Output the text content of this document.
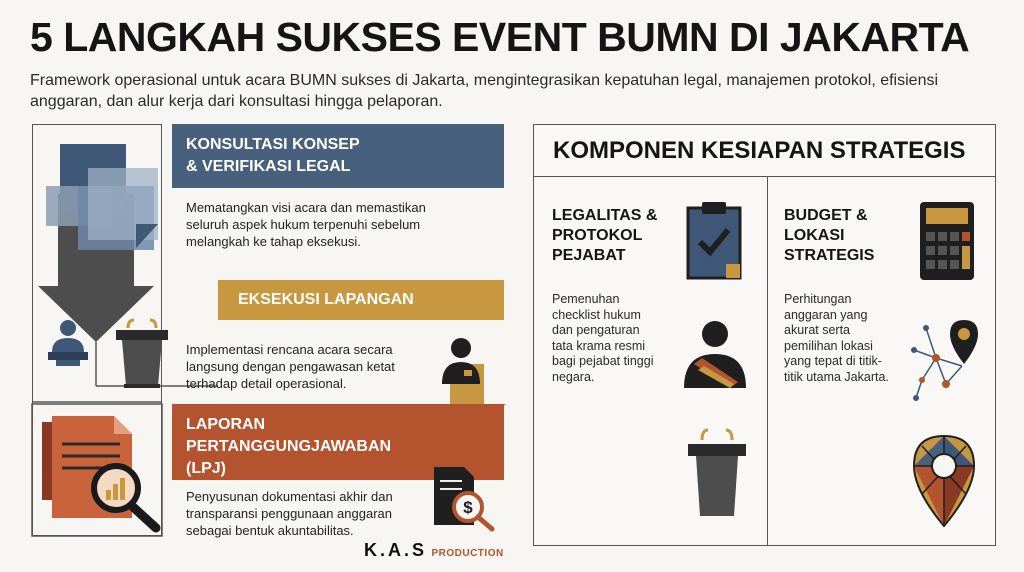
5 LANGKAH SUKSES EVENT BUMN DI JAKARTA
Framework operasional untuk acara BUMN sukses di Jakarta, mengintegrasikan kepatuhan legal, manajemen protokol, efisiensi anggaran, dan alur kerja dari konsultasi hingga pelaporan.
KONSULTASI KONSEP
& VERIFIKASI LEGAL
Mematangkan visi acara dan memastikan seluruh aspek hukum terpenuhi sebelum melangkah ke tahap eksekusi.
EKSEKUSI LAPANGAN
Implementasi rencana acara secara langsung dengan pengawasan ketat terhadap detail operasional.
LAPORAN
PERTANGGUNGJAWABAN
(LPJ)
Penyusunan dokumentasi akhir dan transparansi penggunaan anggaran sebagai bentuk akuntabilitas.
$
KOMPONEN KESIAPAN STRATEGIS
LEGALITAS &
PROTOKOL
PEJABAT
Pemenuhan checklist hukum dan pengaturan tata krama resmi bagi pejabat tinggi negara.
BUDGET &
LOKASI
STRATEGIS
Perhitungan anggaran yang akurat serta pemilihan lokasi yang tepat di titik-titik utama Jakarta.
K.A.S PRODUCTION
